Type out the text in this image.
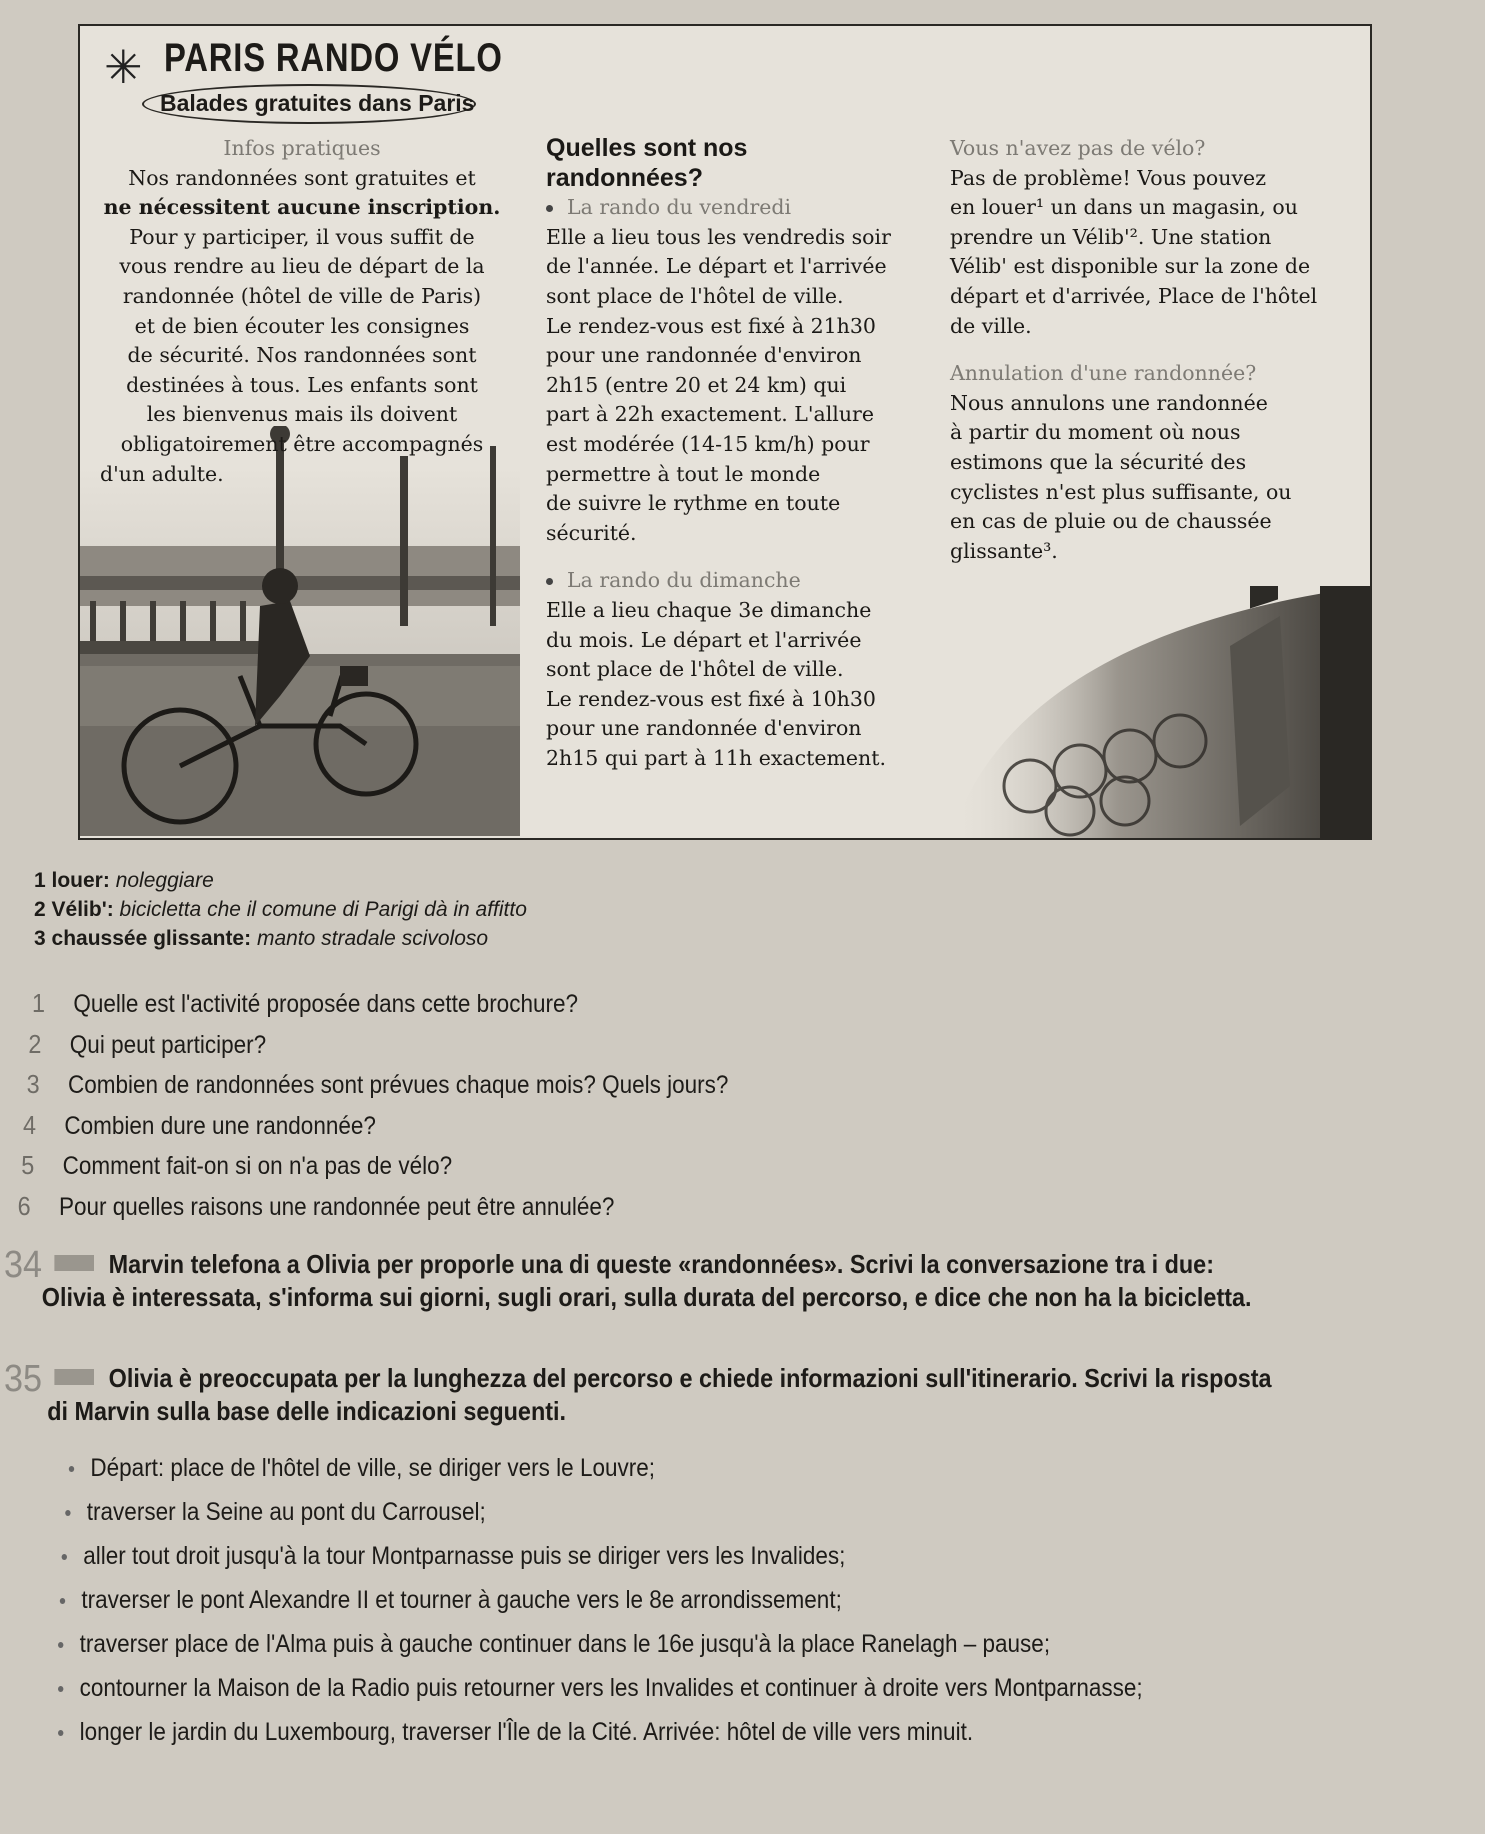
✳ PARIS RANDO VÉLO
Balades gratuites dans Paris

Infos pratiques

Nos randonnées sont gratuites et

ne nécessitent aucune inscription.

Pour y participer, il vous suffit de

vous rendre au lieu de départ de la

randonnée (hôtel de ville de Paris)

et de bien écouter les consignes

de sécurité. Nos randonnées sont

destinées à tous. Les enfants sont

les bienvenus mais ils doivent

obligatoirement être accompagnés

d'un adulte.

Quelles sont nos randonnées?

La rando du vendredi

Elle a lieu tous les vendredis soir

de l'année. Le départ et l'arrivée

sont place de l'hôtel de ville.

Le rendez-vous est fixé à 21h30

pour une randonnée d'environ

2h15 (entre 20 et 24 km) qui

part à 22h exactement. L'allure

est modérée (14-15 km/h) pour

permettre à tout le monde

de suivre le rythme en toute

sécurité.

La rando du dimanche

Elle a lieu chaque 3e dimanche

du mois. Le départ et l'arrivée

sont place de l'hôtel de ville.

Le rendez-vous est fixé à 10h30

pour une randonnée d'environ

2h15 qui part à 11h exactement.

Vous n'avez pas de vélo?

Pas de problème! Vous pouvez

en louer¹ un dans un magasin, ou

prendre un Vélib'². Une station

Vélib' est disponible sur la zone de

départ et d'arrivée, Place de l'hôtel

de ville.

Annulation d'une randonnée?

Nous annulons une randonnée

à partir du moment où nous

estimons que la sécurité des

cyclistes n'est plus suffisante, ou

en cas de pluie ou de chaussée

glissante³.

1 louer: noleggiare
2 Vélib': bicicletta che il comune di Parigi dà in affitto
3 chaussée glissante: manto stradale scivoloso
1 Quelle est l'activité proposée dans cette brochure?
2 Qui peut participer?
3 Combien de randonnées sont prévues chaque mois? Quels jours?
4 Combien dure une randonnée?
5 Comment fait-on si on n'a pas de vélo?
6 Pour quelles raisons une randonnée peut être annulée?
34	Marvin telefona a Olivia per proporle una di queste «randonnées». Scrivi la conversazione tra i due:
Olivia è interessata, s'informa sui giorni, sugli orari, sulla durata del percorso, e dice che non ha la bicicletta.
35	Olivia è preoccupata per la lunghezza del percorso e chiede informazioni sull'itinerario. Scrivi la risposta
di Marvin sulla base delle indicazioni seguenti.
Départ: place de l'hôtel de ville, se diriger vers le Louvre;
traverser la Seine au pont du Carrousel;
aller tout droit jusqu'à la tour Montparnasse puis se diriger vers les Invalides;
traverser le pont Alexandre II et tourner à gauche vers le 8e arrondissement;
traverser place de l'Alma puis à gauche continuer dans le 16e jusqu'à la place Ranelagh – pause;
contourner la Maison de la Radio puis retourner vers les Invalides et continuer à droite vers Montparnasse;
longer le jardin du Luxembourg, traverser l'Île de la Cité. Arrivée: hôtel de ville vers minuit.
